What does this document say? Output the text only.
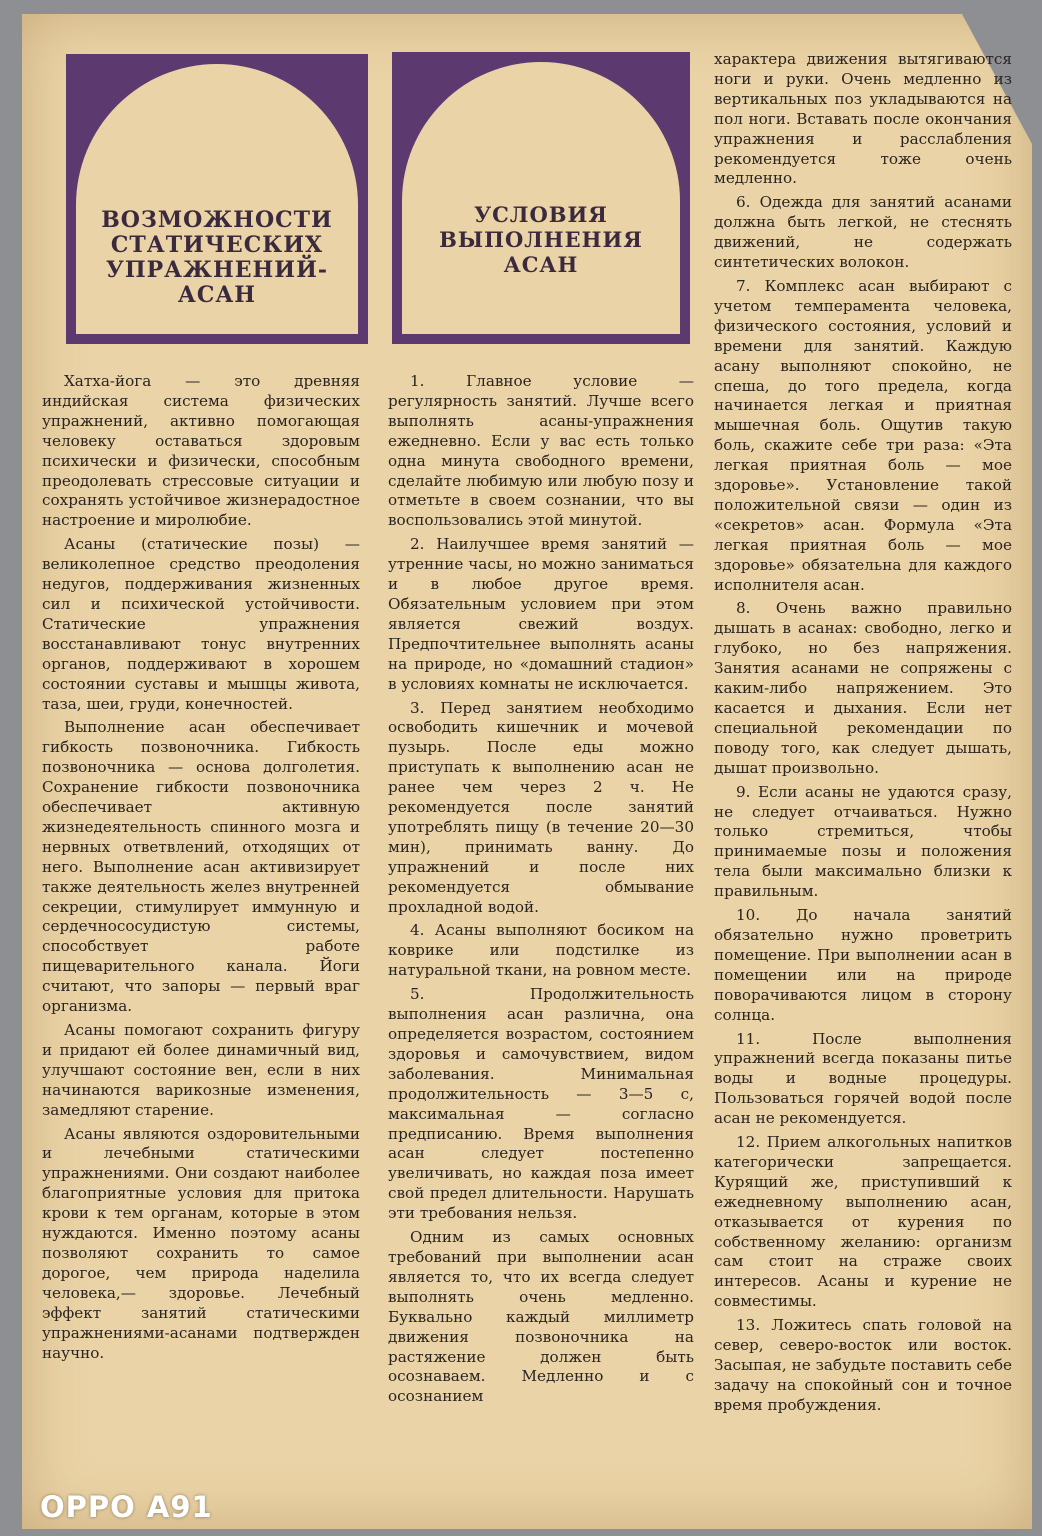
ВОЗМОЖНОСТИ
СТАТИЧЕСКИХ
УПРАЖНЕНИЙ-
АСАН
УСЛОВИЯ
ВЫПОЛНЕНИЯ
АСАН

Хатха-йога — это древняя индийская система физических упражнений, активно помогающая человеку оставаться здоровым психически и физически, способным преодолевать стрессовые ситуации и сохранять устойчивое жизнерадостное настроение и миролюбие.

Асаны (статические позы) — великолепное средство преодоления недугов, поддерживания жизненных сил и психической устойчивости. Статические упражнения восстанавливают тонус внутренних органов, поддерживают в хорошем состоянии суставы и мышцы живота, таза, шеи, груди, конечностей.

Выполнение асан обеспечивает гибкость позвоночника. Гибкость позвоночника — основа долголетия. Сохранение гибкости позвоночника обеспечивает активную жизнедеятельность спинного мозга и нервных ответвлений, отходящих от него. Выполнение асан активизирует также деятельность желез внутренней секреции, стимулирует иммунную и сердечнососудистую системы, способствует работе пищеварительного канала. Йоги считают, что запоры — первый враг организма.

Асаны помогают сохранить фигуру и придают ей более динамичный вид, улучшают состояние вен, если в них начинаются варикозные изменения, замедляют старение.

Асаны являются оздоровительными и лечебными статическими упражнениями. Они создают наиболее благоприятные условия для притока крови к тем органам, которые в этом нуждаются. Именно поэтому асаны позволяют сохранить то самое дорогое, чем природа наделила человека,— здоровье. Лечебный эффект занятий статическими упражнениями-асанами подтвержден научно.

1. Главное условие — регулярность занятий. Лучше всего выполнять асаны-упражнения ежедневно. Если у вас есть только одна минута свободного времени, сделайте любимую или любую позу и отметьте в своем сознании, что вы воспользовались этой минутой.

2. Наилучшее время занятий — утренние часы, но можно заниматься и в любое другое время. Обязательным условием при этом является свежий воздух. Предпочтительнее выполнять асаны на природе, но «домашний стадион» в условиях комнаты не исключается.

3. Перед занятием необходимо освободить кишечник и мочевой пузырь. После еды можно приступать к выполнению асан не ранее чем через 2 ч. Не рекомендуется после занятий употреблять пищу (в течение 20—30 мин), принимать ванну. До упражнений и после них рекомендуется обмывание прохладной водой.

4. Асаны выполняют босиком на коврике или подстилке из натуральной ткани, на ровном месте.

5. Продолжительность выполнения асан различна, она определяется возрастом, состоянием здоровья и самочувствием, видом заболевания. Минимальная продолжительность — 3—5 с, максимальная — согласно предписанию. Время выполнения асан следует постепенно увеличивать, но каждая поза имеет свой предел длительности. Нарушать эти требования нельзя.

Одним из самых основных требований при выполнении асан является то, что их всегда следует выполнять очень медленно. Буквально каждый миллиметр движения позвоночника на растяжение должен быть осознаваем. Медленно и с осознанием

характера движения вытягиваются ноги и руки. Очень медленно из вертикальных поз укладываются на пол ноги. Вставать после окончания упражнения и расслабления рекомендуется тоже очень медленно.

6. Одежда для занятий асанами должна быть легкой, не стеснять движений, не содержать синтетических волокон.

7. Комплекс асан выбирают с учетом темперамента человека, физического состояния, условий и времени для занятий. Каждую асану выполняют спокойно, не спеша, до того предела, когда начинается легкая и приятная мышечная боль. Ощутив такую боль, скажите себе три раза: «Эта легкая приятная боль — мое здоровье». Установление такой положительной связи — один из «секретов» асан. Формула «Эта легкая приятная боль — мое здоровье» обязательна для каждого исполнителя асан.

8. Очень важно правильно дышать в асанах: свободно, легко и глубоко, но без напряжения. Занятия асанами не сопряжены с каким-либо напряжением. Это касается и дыхания. Если нет специальной рекомендации по поводу того, как следует дышать, дышат произвольно.

9. Если асаны не удаются сразу, не следует отчаиваться. Нужно только стремиться, чтобы принимаемые позы и положения тела были максимально близки к правильным.

10. До начала занятий обязательно нужно проветрить помещение. При выполнении асан в помещении или на природе поворачиваются лицом в сторону солнца.

11. После выполнения упражнений всегда показаны питье воды и водные процедуры. Пользоваться горячей водой после асан не рекомендуется.

12. Прием алкогольных напитков категорически запрещается. Курящий же, приступивший к ежедневному выполнению асан, отказывается от курения по собственному желанию: организм сам стоит на страже своих интересов. Асаны и курение не совместимы.

13. Ложитесь спать головой на север, северо-восток или восток. Засыпая, не забудьте поставить себе задачу на спокойный сон и точное время пробуждения.

OPPO A91
